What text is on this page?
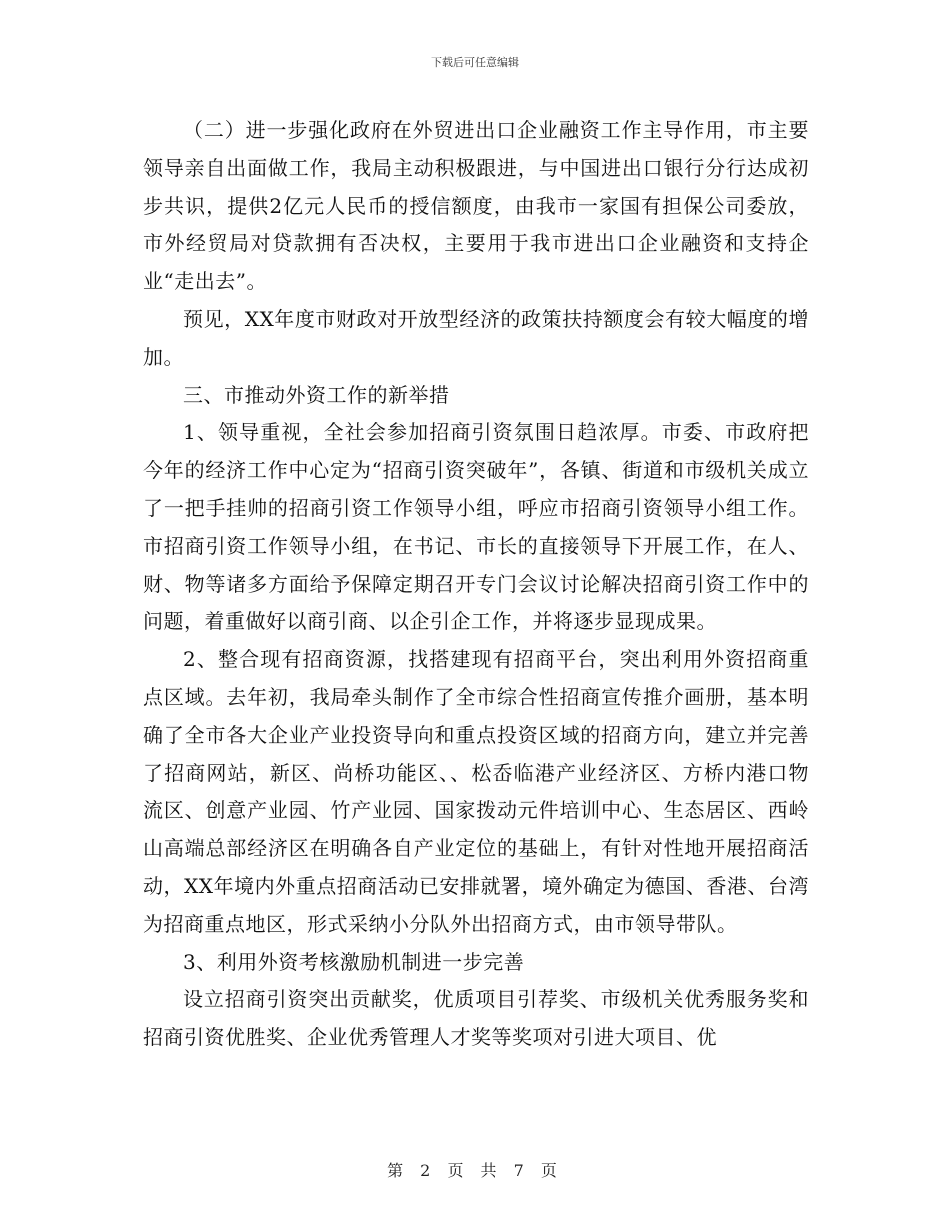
下载后可任意编辑

（二）进一步强化政府在外贸进出口企业融资工作主导作用，市主要领导亲自出面做工作，我局主动积极跟进，与中国进出口银行分行达成初步共识，提供2亿元人民币的授信额度，由我市一家国有担保公司委放，市外经贸局对贷款拥有否决权，主要用于我市进出口企业融资和支持企业“走出去”。

预见，XX年度市财政对开放型经济的政策扶持额度会有较大幅度的增加。

三、市推动外资工作的新举措

1、领导重视，全社会参加招商引资氛围日趋浓厚。市委、市政府把今年的经济工作中心定为“招商引资突破年”，各镇、街道和市级机关成立了一把手挂帅的招商引资工作领导小组，呼应市招商引资领导小组工作。市招商引资工作领导小组，在书记、市长的直接领导下开展工作，在人、财、物等诸多方面给予保障定期召开专门会议讨论解决招商引资工作中的问题，着重做好以商引商、以企引企工作，并将逐步显现成果。

2、整合现有招商资源，找搭建现有招商平台，突出利用外资招商重点区域。去年初，我局牵头制作了全市综合性招商宣传推介画册，基本明确了全市各大企业产业投资导向和重点投资区域的招商方向，建立并完善了招商网站，新区、尚桥功能区、、松岙临港产业经济区、方桥内港口物流区、创意产业园、竹产业园、国家拨动元件培训中心、生态居区、西岭山高端总部经济区在明确各自产业定位的基础上，有针对性地开展招商活动，XX年境内外重点招商活动已安排就署，境外确定为德国、香港、台湾为招商重点地区，形式采纳小分队外出招商方式，由市领导带队。

3、利用外资考核激励机制进一步完善

设立招商引资突出贡献奖，优质项目引荐奖、市级机关优秀服务奖和招商引资优胜奖、企业优秀管理人才奖等奖项对引进大项目、优

第 2 页 共 7 页
